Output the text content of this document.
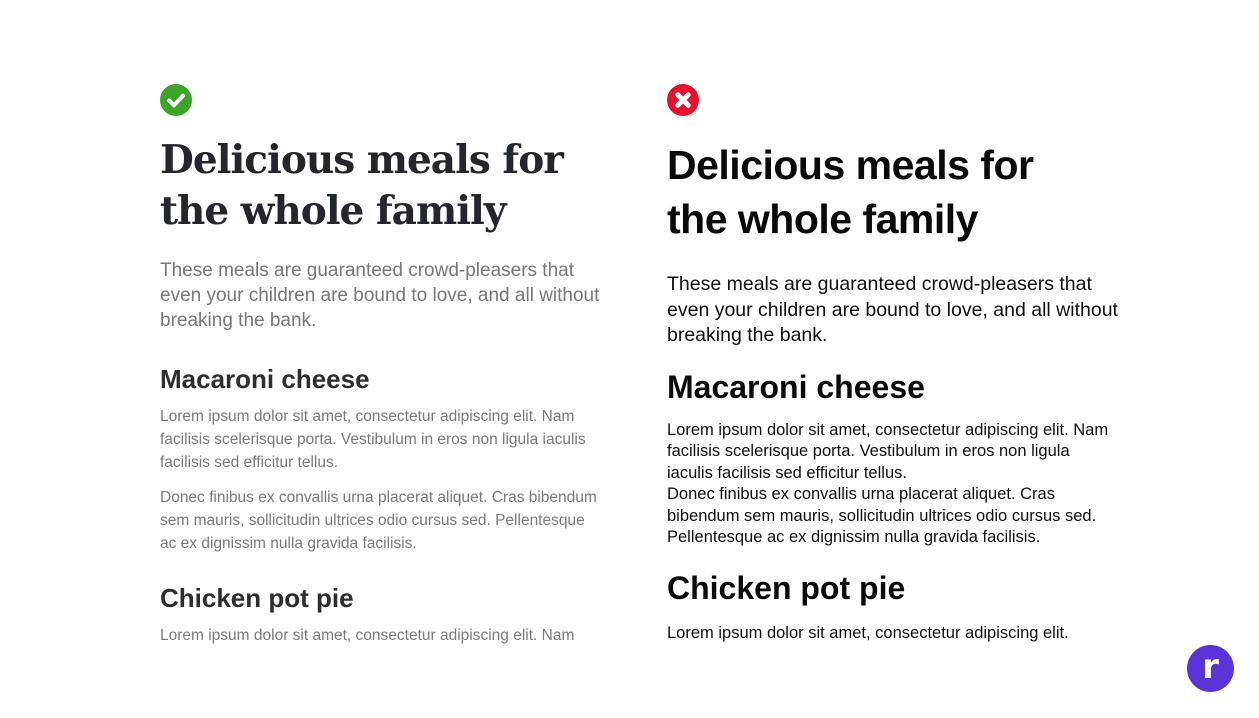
Delicious meals for
the whole family

These meals are guaranteed crowd-pleasers that even your children are bound to love, and all without breaking the bank.

Macaroni cheese

Lorem ipsum dolor sit amet, consectetur adipiscing elit. Nam facilisis scelerisque porta. Vestibulum in eros non ligula iaculis facilisis sed efficitur tellus.

Donec finibus ex convallis urna placerat aliquet. Cras bibendum sem mauris, sollicitudin ultrices odio cursus sed. Pellentesque ac ex dignissim nulla gravida facilisis.

Chicken pot pie

Lorem ipsum dolor sit amet, consectetur adipiscing elit. Nam

Delicious meals for
the whole family

These meals are guaranteed crowd-pleasers that even your children are bound to love, and all without breaking the bank.

Macaroni cheese

Lorem ipsum dolor sit amet, consectetur adipiscing elit. Nam facilisis scelerisque porta. Vestibulum in eros non ligula iaculis facilisis sed efficitur tellus.

Donec finibus ex convallis urna placerat aliquet. Cras bibendum sem mauris, sollicitudin ultrices odio cursus sed. Pellentesque ac ex dignissim nulla gravida facilisis.

Chicken pot pie

Lorem ipsum dolor sit amet, consectetur adipiscing elit.

r
